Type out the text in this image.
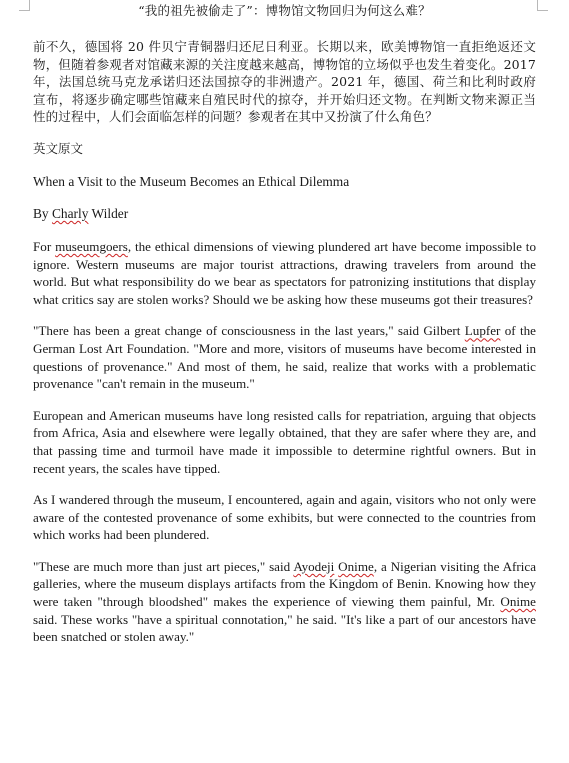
“我的祖先被偷走了”：博物馆文物回归为何这么难？

前不久，德国将 20 件贝宁青铜器归还尼日利亚。长期以来，欧美博物馆一直拒绝返还文物，但随着参观者对馆藏来源的关注度越来越高，博物馆的立场似乎也发生着变化。2017 年，法国总统马克龙承诺归还法国掠夺的非洲遗产。2021 年，德国、荷兰和比利时政府宣布，将逐步确定哪些馆藏来自殖民时代的掠夺，并开始归还文物。在判断文物来源正当性的过程中，人们会面临怎样的问题？参观者在其中又扮演了什么角色？

英文原文

When a Visit to the Museum Becomes an Ethical Dilemma

By Charly Wilder

For museumgoers, the ethical dimensions of viewing plundered art have become impossible to ignore. Western museums are major tourist attractions, drawing travelers from around the world. But what responsibility do we bear as spectators for patronizing institutions that display what critics say are stolen works? Should we be asking how these museums got their treasures?

"There has been a great change of consciousness in the last years," said Gilbert Lupfer of the German Lost Art Foundation. "More and more, visitors of museums have become interested in questions of provenance." And most of them, he said, realize that works with a problematic provenance "can't remain in the museum."

European and American museums have long resisted calls for repatriation, arguing that objects from Africa, Asia and elsewhere were legally obtained, that they are safer where they are, and that passing time and turmoil have made it impossible to determine rightful owners. But in recent years, the scales have tipped.

As I wandered through the museum, I encountered, again and again, visitors who not only were aware of the contested provenance of some exhibits, but were connected to the countries from which works had been plundered.

"These are much more than just art pieces," said Ayodeji Onime, a Nigerian visiting the Africa galleries, where the museum displays artifacts from the Kingdom of Benin. Knowing how they were taken "through bloodshed" makes the experience of viewing them painful, Mr. Onime said. These works "have a spiritual connotation," he said. "It's like a part of our ancestors have been snatched or stolen away."
